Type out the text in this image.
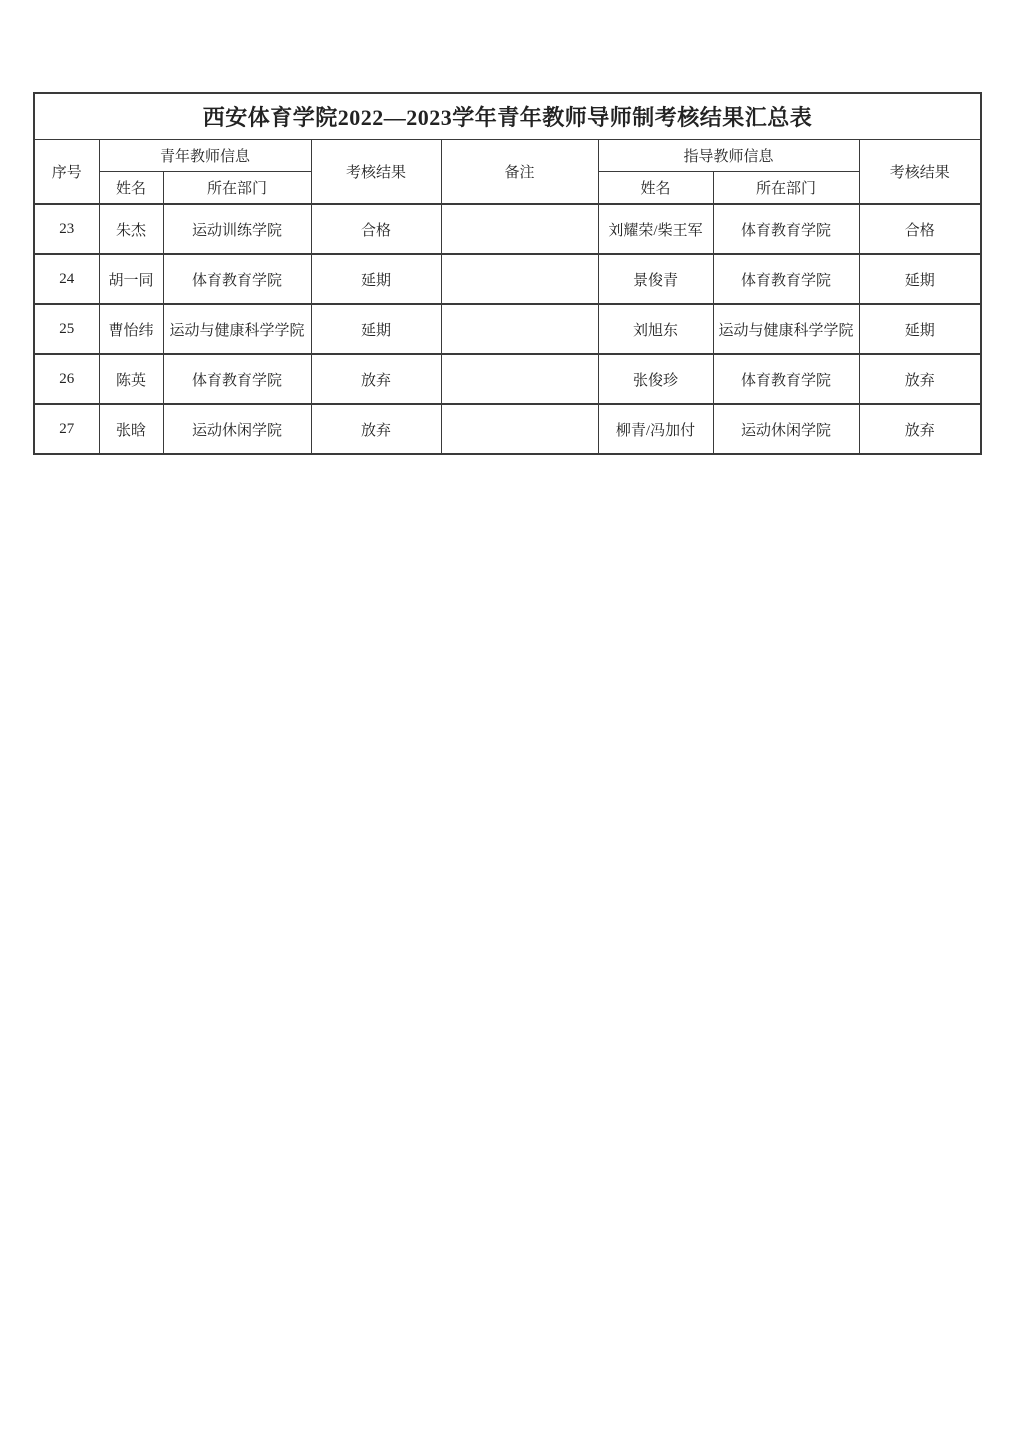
西安体育学院2022—2023学年青年教师导师制考核结果汇总表							
序号	青年教师信息		考核结果	备注	指导教师信息		考核结果
	姓名	所在部门			姓名	所在部门	
23	朱杰	运动训练学院	合格		刘耀荣/柴王军	体育教育学院	合格
24	胡一同	体育教育学院	延期		景俊青	体育教育学院	延期
25	曹怡纬	运动与健康科学学院	延期		刘旭东	运动与健康科学学院	延期
26	陈英	体育教育学院	放弃		张俊珍	体育教育学院	放弃
27	张晗	运动休闲学院	放弃		柳青/冯加付	运动休闲学院	放弃
